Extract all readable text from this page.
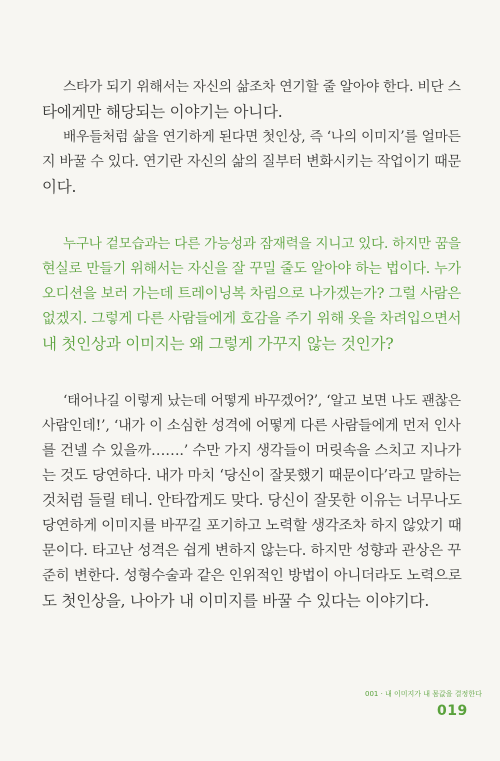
스타가 되기 위해서는 자신의 삶조차 연기할 줄 알아야 한다. 비단 스
타에게만 해당되는 이야기는 아니다.
배우들처럼 삶을 연기하게 된다면 첫인상, 즉 ‘나의 이미지’를 얼마든
지 바꿀 수 있다. 연기란 자신의 삶의 질부터 변화시키는 작업이기 때문
이다.
누구나 겉모습과는 다른 가능성과 잠재력을 지니고 있다. 하지만 꿈을
현실로 만들기 위해서는 자신을 잘 꾸밀 줄도 알아야 하는 법이다. 누가
오디션을 보러 가는데 트레이닝복 차림으로 나가겠는가? 그럴 사람은
없겠지. 그렇게 다른 사람들에게 호감을 주기 위해 옷을 차려입으면서
내 첫인상과 이미지는 왜 그렇게 가꾸지 않는 것인가?
‘태어나길 이렇게 났는데 어떻게 바꾸겠어?’, ‘알고 보면 나도 괜찮은
사람인데!’, ‘내가 이 소심한 성격에 어떻게 다른 사람들에게 먼저 인사
를 건넬 수 있을까…….’ 수만 가지 생각들이 머릿속을 스치고 지나가
는 것도 당연하다. 내가 마치 ‘당신이 잘못했기 때문이다’라고 말하는
것처럼 들릴 테니. 안타깝게도 맞다. 당신이 잘못한 이유는 너무나도
당연하게 이미지를 바꾸길 포기하고 노력할 생각조차 하지 않았기 때
문이다. 타고난 성격은 쉽게 변하지 않는다. 하지만 성향과 관상은 꾸
준히 변한다. 성형수술과 같은 인위적인 방법이 아니더라도 노력으로
도 첫인상을, 나아가 내 이미지를 바꿀 수 있다는 이야기다.
001 · 내 이미지가 내 몸값을 결정한다
019
